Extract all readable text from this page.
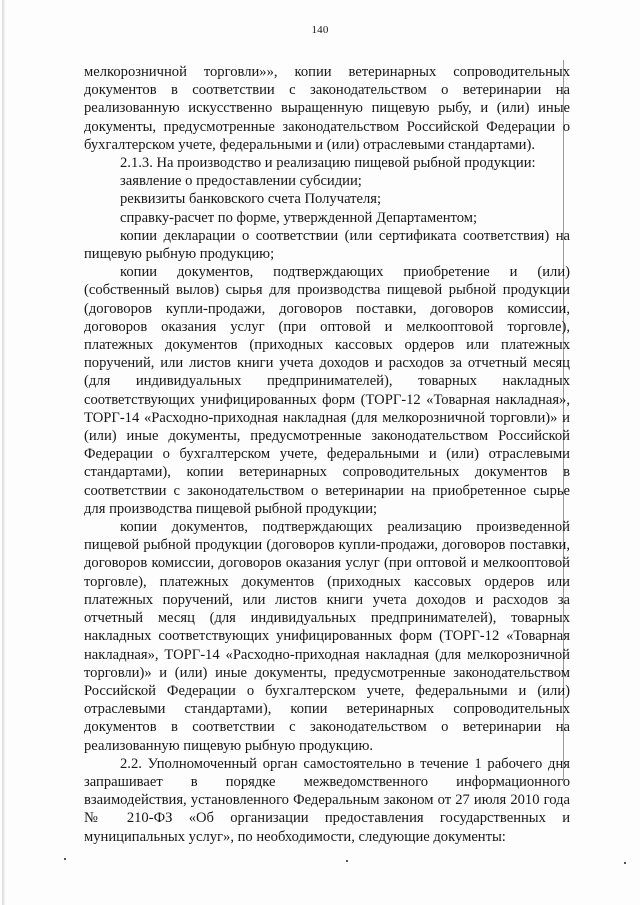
140

мелкорозничной торговли»», копии ветеринарных сопроводительных документов в соответствии с законодательством о ветеринарии на реализованную искусственно выращенную пищевую рыбу, и (или) иные документы, предусмотренные законодательством Российской Федерации о бухгалтерском учете, федеральными и (или) отраслевыми стандартами).

2.1.3. На производство и реализацию пищевой рыбной продукции:

заявление о предоставлении субсидии;

реквизиты банковского счета Получателя;

справку-расчет по форме, утвержденной Департаментом;

копии декларации о соответствии (или сертификата соответствия) на пищевую рыбную продукцию;

копии документов, подтверждающих приобретение и (или) (собственный вылов) сырья для производства пищевой рыбной продукции (договоров купли-продажи, договоров поставки, договоров комиссии, договоров оказания услуг (при оптовой и мелкооптовой торговле), платежных документов (приходных кассовых ордеров или платежных поручений, или листов книги учета доходов и расходов за отчетный месяц (для индивидуальных предпринимателей), товарных накладных соответствующих унифицированных форм (ТОРГ-12 «Товарная накладная», ТОРГ-14 «Расходно-приходная накладная (для мелкорозничной торговли)» и (или) иные документы, предусмотренные законодательством Российской Федерации о бухгалтерском учете, федеральными и (или) отраслевыми стандартами), копии ветеринарных сопроводительных документов в соответствии с законодательством о ветеринарии на приобретенное сырье для производства пищевой рыбной продукции;

копии документов, подтверждающих реализацию произведенной пищевой рыбной продукции (договоров купли-продажи, договоров поставки, договоров комиссии, договоров оказания услуг (при оптовой и мелкооптовой торговле), платежных документов (приходных кассовых ордеров или платежных поручений, или листов книги учета доходов и расходов за отчетный месяц (для индивидуальных предпринимателей), товарных накладных соответствующих унифицированных форм (ТОРГ-12 «Товарная накладная», ТОРГ-14 «Расходно-приходная накладная (для мелкорозничной торговли)» и (или) иные документы, предусмотренные законодательством Российской Федерации о бухгалтерском учете, федеральными и (или) отраслевыми стандартами), копии ветеринарных сопроводительных документов в соответствии с законодательством о ветеринарии на реализованную пищевую рыбную продукцию.

2.2. Уполномоченный орган самостоятельно в течение 1 рабочего дня запрашивает в порядке межведомственного информационного взаимодействия, установленного Федеральным законом от 27 июля 2010 года № 210-ФЗ «Об организации предоставления государственных и муниципальных услуг», по необходимости, следующие документы:
